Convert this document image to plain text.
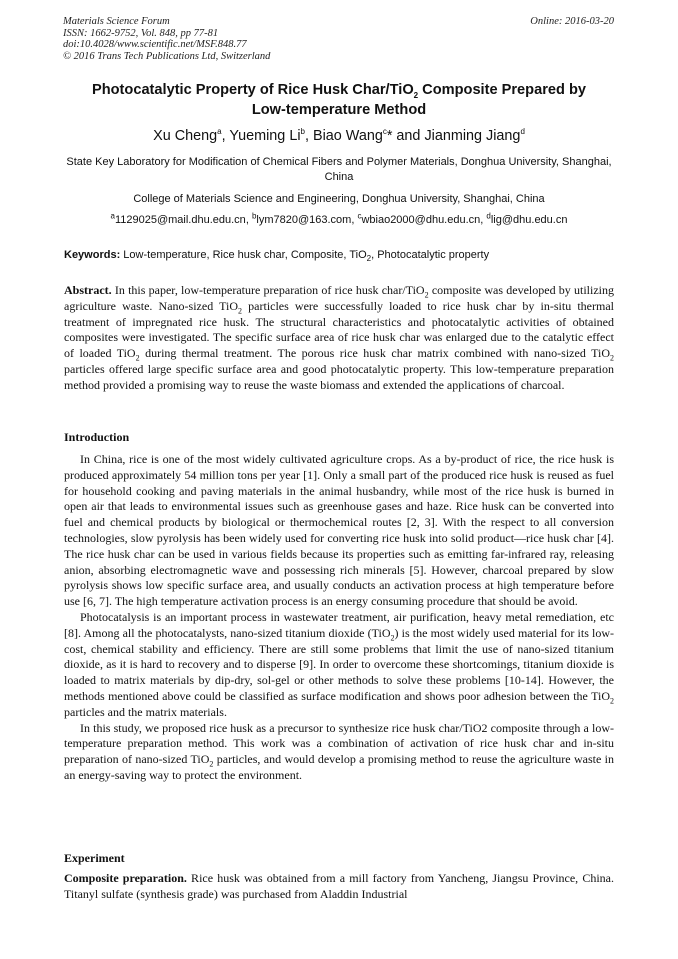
Materials Science Forum
ISSN: 1662-9752, Vol. 848, pp 77-81
doi:10.4028/www.scientific.net/MSF.848.77
© 2016 Trans Tech Publications Ltd, Switzerland
Online: 2016-03-20
Photocatalytic Property of Rice Husk Char/TiO$_2$ Composite Prepared by
Low-temperature Method
Xu Cheng$^a$, Yueming Li$^b$, Biao Wang$^c$* and Jianming Jiang$^d$
State Key Laboratory for Modification of Chemical Fibers and Polymer Materials, Donghua University, Shanghai, China
College of Materials Science and Engineering, Donghua University, Shanghai, China
$^a$1129025@mail.dhu.edu.cn, $^b$lym7820@163.com, $^c$wbiao2000@dhu.edu.cn, $^d$lig@dhu.edu.cn
Keywords: Low-temperature, Rice husk char, Composite, TiO$_2$, Photocatalytic property

Abstract. In this paper, low-temperature preparation of rice husk char/TiO$_2$ composite was developed by utilizing agriculture waste. Nano-sized TiO$_2$ particles were successfully loaded to rice husk char by in-situ thermal treatment of impregnated rice husk. The structural characteristics and photocatalytic activities of obtained composites were investigated. The specific surface area of rice husk char was enlarged due to the catalytic effect of loaded TiO$_2$ during thermal treatment. The porous rice husk char matrix combined with nano-sized TiO$_2$ particles offered large specific surface area and good photocatalytic property. This low-temperature preparation method provided a promising way to reuse the waste biomass and extended the applications of charcoal.

Introduction

In China, rice is one of the most widely cultivated agriculture crops. As a by-product of rice, the rice husk is produced approximately 54 million tons per year [1]. Only a small part of the produced rice husk is reused as fuel for household cooking and paving materials in the animal husbandry, while most of the rice husk is burned in open air that leads to environmental issues such as greenhouse gases and haze. Rice husk can be converted into fuel and chemical products by biological or thermochemical routes [2, 3]. With the respect to all conversion technologies, slow pyrolysis has been widely used for converting rice husk into solid product—rice husk char [4]. The rice husk char can be used in various fields because its properties such as emitting far-infrared ray, releasing anion, absorbing electromagnetic wave and possessing rich minerals [5]. However, charcoal prepared by slow pyrolysis shows low specific surface area, and usually conducts an activation process at high temperature before use [6, 7]. The high temperature activation process is an energy consuming procedure that should be avoid.

Photocatalysis is an important process in wastewater treatment, air purification, heavy metal remediation, etc [8]. Among all the photocatalysts, nano-sized titanium dioxide (TiO$_2$) is the most widely used material for its low-cost, chemical stability and efficiency. There are still some problems that limit the use of nano-sized titanium dioxide, as it is hard to recovery and to disperse [9]. In order to overcome these shortcomings, titanium dioxide is loaded to matrix materials by dip-dry, sol-gel or other methods to solve these problems [10-14]. However, the methods mentioned above could be classified as surface modification and shows poor adhesion between the TiO$_2$ particles and the matrix materials.

In this study, we proposed rice husk as a precursor to synthesize rice husk char/TiO2 composite through a low-temperature preparation method. This work was a combination of activation of rice husk char and in-situ preparation of nano-sized TiO$_2$ particles, and would develop a promising method to reuse the agriculture waste in an energy-saving way to protect the environment.

Experiment

Composite preparation. Rice husk was obtained from a mill factory from Yancheng, Jiangsu Province, China. Titanyl sulfate (synthesis grade) was purchased from Aladdin Industrial
